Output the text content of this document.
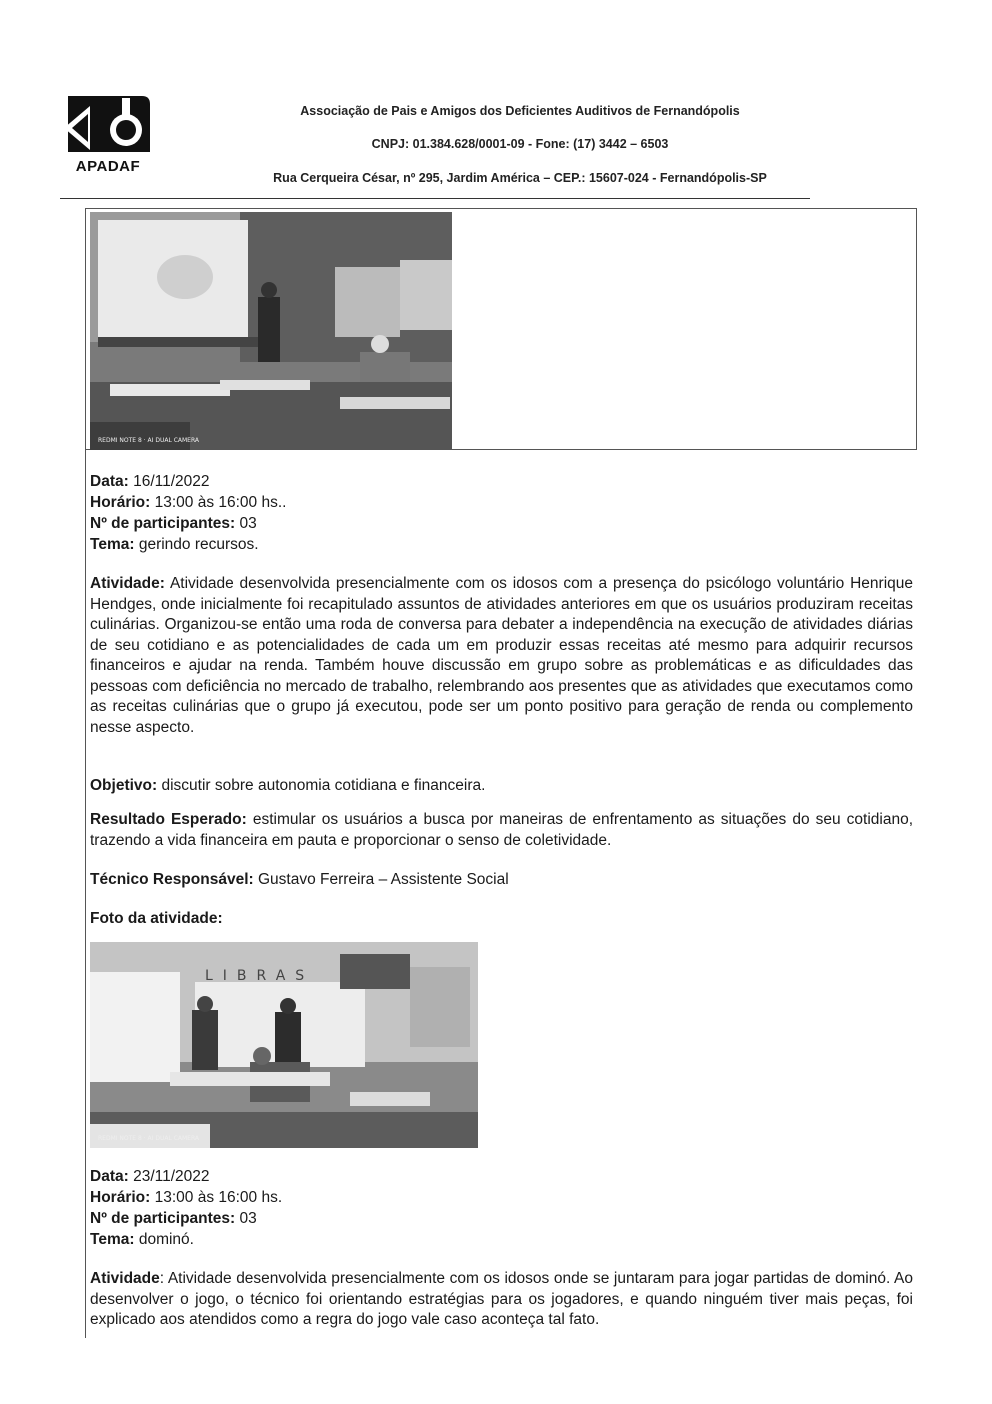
APADAF
Associação de Pais e Amigos dos Deficientes Auditivos de Fernandópolis
CNPJ: 01.384.628/0001-09 - Fone: (17) 3442 – 6503
Rua Cerqueira César, nº 295, Jardim América – CEP.: 15607-024 - Fernandópolis-SP
REDMI NOTE 8 · AI DUAL CAMERA
Data: 16/11/2022
Horário: 13:00 às 16:00 hs..
Nº de participantes: 03
Tema: gerindo recursos.
Atividade: Atividade desenvolvida presencialmente com os idosos com a presença do psicólogo voluntário Henrique Hendges, onde inicialmente foi recapitulado assuntos de atividades anteriores em que os usuários produziram receitas culinárias. Organizou-se então uma roda de conversa para debater a independência na execução de atividades diárias de seu cotidiano e as potencialidades de cada um em produzir essas receitas até mesmo para adquirir recursos financeiros e ajudar na renda. Também houve discussão em grupo sobre as problemáticas e as dificuldades das pessoas com deficiência no mercado de trabalho, relembrando aos presentes que as atividades que executamos como as receitas culinárias que o grupo já executou, pode ser um ponto positivo para geração de renda ou complemento nesse aspecto.
Objetivo: discutir sobre autonomia cotidiana e financeira.
Resultado Esperado: estimular os usuários a busca por maneiras de enfrentamento as situações do seu cotidiano, trazendo a vida financeira em pauta e proporcionar o senso de coletividade.
Técnico Responsável: Gustavo Ferreira – Assistente Social
Foto da atividade:
LIBRAS
REDMI NOTE 8 · AI DUAL CAMERA
Data: 23/11/2022
Horário: 13:00 às 16:00 hs.
Nº de participantes: 03
Tema: dominó.
Atividade: Atividade desenvolvida presencialmente com os idosos onde se juntaram para jogar partidas de dominó. Ao desenvolver o jogo, o técnico foi orientando estratégias para os jogadores, e quando ninguém tiver mais peças, foi explicado aos atendidos como a regra do jogo vale caso aconteça tal fato.
